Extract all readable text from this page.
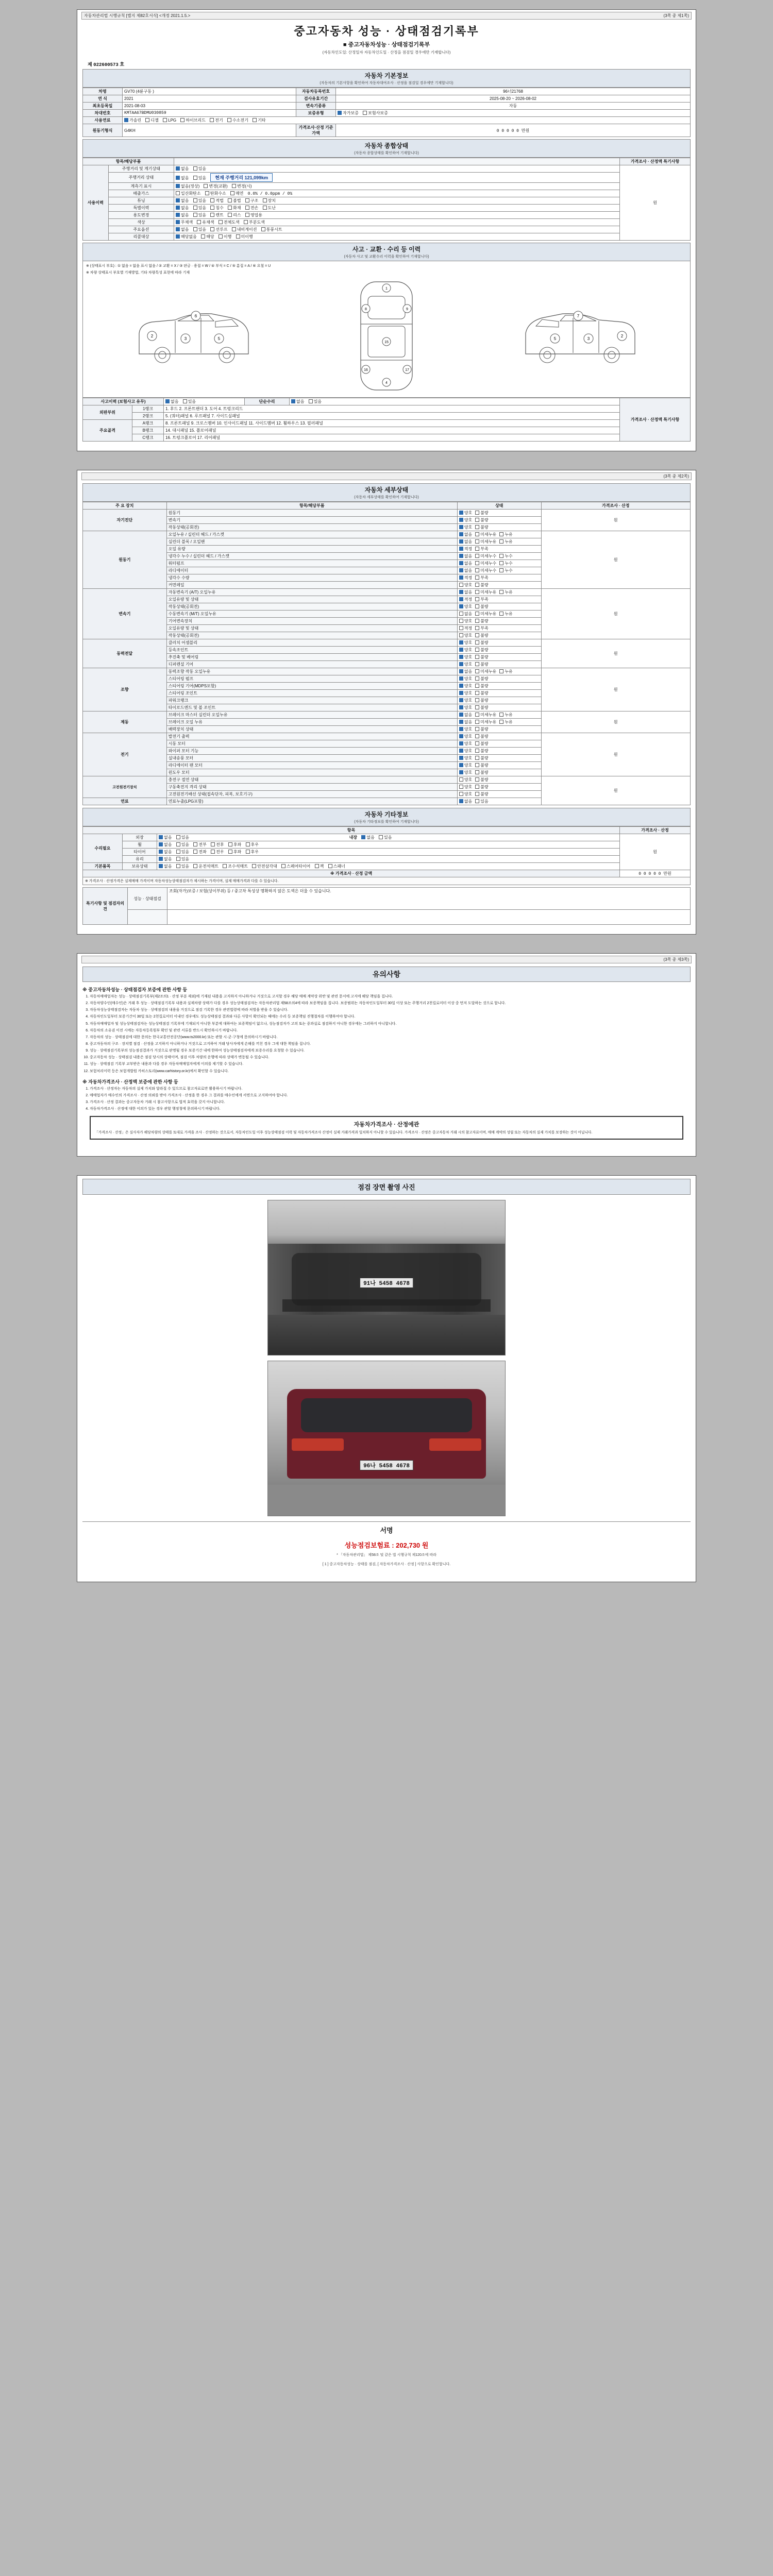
자동차관리법 시행규칙 [별지 제82호서식] <개정 2021.1.5.>	(3쪽 중 제1쪽)
중고자동차 성능 · 상태점검기록부
■ 중고자동차성능 · 상태점검기록부
(자동차인도일: 산정일자 자동차인도일 · 산정을 점검일 경우에만 기재합니다)
제 022600573 호
자동차 기본정보
(자동차의 기본사항을 확인하여 자동차대여조사 · 산정을 점검일 경우에만 기재합니다)
차명	GV70 (4륜구동 )	자동차등록번호	96너21768
연 식	2021	검사유효기간	2025-08-20 ~ 2026-08-02
최초등록일	2021-08-03	변속기종류	자동
차대번호	KMTAA67BDMU030859	보증유형	자가보증 보험사보증
사용연료	가솔린 디젤 LPG 하이브리드 전기 수소전기 기타		
원동기형식	G4KH	가격조사·산정 기준가액	0 0 0 0 0 만원
자동차 종합상태
(자동차 종합상태를 확인하여 기재합니다)
항목/해당부품			가격조사 · 산정액 특기사항
사용이력	주행거리 및 계기상태	없음 있음	원
	주행거리 상태	없음 있음 현재 주행거리 121,099km	
	계측기 표시	없음(정상) 변경(교환) 변경(시)	
	배출가스	일산화탄소 탄화수소 매연 0.0% / 0.0ppm / 0%	
	튜닝	없음 있음 적법 불법 구조 장치	
	특별이력	없음 있음 침수 화재 전손 도난	
	용도변경	없음 있음 렌트 리스 영업용	
	색상	무채색 유채색 전체도색 부분도색	
	주요옵션	없음 있음 선루프 내비게이션 통풍시트	
	리콜대상	해당없음 해당 이행 미이행	
사고 · 교환 · 수리 등 이력
(자동차 사고 및 교환수리 이력을 확인하여 기재합니다)
※ (상태표시 부호) : ① 없음 = 없음 표시 없음 / ② 교환 = X / ③ 판금 · 용접 = W / ④ 부식 = C / ⑤ 흠집 = A / ⑥ 요철 = U
※ 차량 상태표시 부호별 기재방법, 기타 차량특성 표현에 따라 기재
3	5
2
6
1
15
4
8	9
16	17
3
5
2
7
사고이력 (보험사고 유무)		없음 있음	단순수리	없음 있음	가격조사 · 산정액 특기사항
외판부위	1랭크	1. 후드 2. 프론트팬더 3. 도어 4. 트렁크리드			
	2랭크	5. (쿼터)패널 6. 루프패널 7. 사이드실패널			
주요골격	A랭크	8. 프론트패널 9. 크로스멤버 10. 인사이드패널 11. 사이드멤버 12. 휠하우스 13. 필러패널			
	B랭크	14. 대시패널 15. 플로어패널			
	C랭크	16. 트렁크플로어 17. 리어패널			

(3쪽 중 제2쪽)
자동차 세부상태
(자동차 세부상태를 확인하여 기재합니다)
주 요 장치	항목/해당부품	상태	가격조사 · 산정
자기진단	원동기	양호 불량	원
	변속기	양호 불량	
	작동상태(공회전)	양호 불량	
원동기	오일누유 / 실린더 헤드 / 가스켓	없음 미세누유 누유	원
	실린더 블록 / 오일팬	없음 미세누유 누유	
	오일 유량	적정 부족	
	냉각수 누수 / 실린더 헤드 / 가스켓	없음 미세누수 누수	
	워터펌프	없음 미세누수 누수	
	라디에이터	없음 미세누수 누수	
	냉각수 수량	적정 부족	
	커먼레일	양호 불량	
변속기	자동변속기 (A/T) 오일누유	없음 미세누유 누유	원
	오일유량 및 상태	적정 부족	
	작동상태(공회전)	양호 불량	
	수동변속기 (M/T) 오일누유	없음 미세누유 누유	
	기어변속장치	양호 불량	
	오일유량 및 상태	적정 부족	
	작동상태(공회전)	양호 불량	
동력전달	클러치 어셈블리	양호 불량	원
	등속조인트	양호 불량	
	추진축 및 베어링	양호 불량	
	디퍼렌셜 기어	양호 불량	
조향	동력조향 작동 오일누유	없음 미세누유 누유	원
	스티어링 펌프	양호 불량	
	스티어링 기어(MDPS포함)	양호 불량	
	스티어링 조인트	양호 불량	
	파워크랭크	양호 불량	
	타이로드엔드 및 볼 조인트	양호 불량	
제동	브레이크 마스터 실린더 오일누유	없음 미세누유 누유	원
	브레이크 오일 누유	없음 미세누유 누유	
	배력장치 상태	양호 불량	
전기	발전기 출력	양호 불량	원
	시동 모터	양호 불량	
	와이퍼 모터 기능	양호 불량	
	실내송풍 모터	양호 불량	
	라디에이터 팬 모터	양호 불량	
	윈도우 모터	양호 불량	
고전원전기장치	충전구 절연 상태	양호 불량	원
	구동축전지 격리 상태	양호 불량	
	고전원전기배선 상태(접속단자, 피복, 보호기구)	양호 불량	
연료	연료누출(LPG포함)	없음 있음	
자동차 기타정보
(자동차 기타정보를 확인하여 기재합니다)
항목			가격조사 · 산정
수리필요	외장	없음 있음 내장 없음 있음	원
	휠	없음 있음 전부 전후 후좌 후우	
	타이어	없음 있음 전좌 전우 후좌 후우	
	유리	없음 있음	
기본품목	보유상태	없음 있음 운전석매트 조수석매트 안전삼각대 스페어타이어 잭 스패너	
※ 가격조사 · 산정 금액			0 0 0 0 0 만원
※ 가격조사 · 산정가격은 실제매매 가격이며 자동차성능상태점검자가 제시하는 가격이며, 실제 매매가격과 다를 수 있습니다.
특기사항 및 점검자의견	성능 · 상태점검	조회(자가)보증 / 보험(상이부위) 등 / 중고차 특성상 명확하지 않은 도색은 더울 수 있습니다.

(3쪽 중 제3쪽)
유의사항
※ 중고자동차성능 · 상태점검자 보증에 관한 사항 등
1. 자동차매매업자는 성능 · 상태점검기록부(제2조의1 · 산정 부분 제외)에 기재된 내용을 고지하지 아니하거나 거짓으로 고지할 경우 해당 매매 계약상 위반 및 관련 문서에 고지에 해당 책임을 집니다.
2. 자동차양수인(매수인)은 거래 후 성능 · 상태점검기록부 내용과 실제차량 상태가 다를 경우 성능상태점검자는 자동차관리법 제58조의4에 따라 보증책임을 집니다. 보증범위는 자동차인도일부터 30일 이상 또는 주행거리 2천킬로미터 이상 중 먼저 도달하는 것으로 합니다.
3. 자동차성능상태점검자는 자동차 성능 · 상태점검의 내용을 거짓으로 점검 기록한 경우 관련법령에 따라 처벌을 받을 수 있습니다.
4. 자동차인도일부터 보증기간이 30일 또는 2천킬로미터 이내인 경우에도 성능상태점검 결과와 다른 사항이 확인되는 때에는 수리 등 보증책임 진행절차를 이행하여야 합니다.
5. 자동차매매업자 및 성능상태점검자는 성능상태점검 기록부에 기재되지 아니한 부분에 대하여는 보증책임이 없으나, 성능점검자가 고의 또는 중과실로 점검하지 아니한 경우에는 그러하지 아니합니다.
6. 자동차의 소유권 이전 시에는 자동차등록원부 확인 및 관련 서류를 반드시 확인하시기 바랍니다.
7. 자동차의 성능 · 상태점검에 대한 문의는 한국교통안전공단(www.ts2000.kr) 또는 관할 시·군·구청에 문의하시기 바랍니다.
8. 중고자동차의 구조 · 장치별 점검 · 산정을 고지하지 아니하거나 거짓으로 고지하여 거래 당사자에게 손해를 끼친 경우 그에 대한 책임을 집니다.
9. 성능 · 상태점검기록부의 성능점검결과가 거짓으로 판명될 경우 보증기간 내에 한하여 성능상태점검자에게 보증수리를 요청할 수 있습니다.
10. 중고자동차 성능 · 상태점검 내용은 점검 당시의 상태이며, 점검 이후 차량의 운행에 따라 상태가 변동될 수 있습니다.
11. 성능 · 상태점검 기록부 교부받은 내용과 다를 경우 자동차매매업자에게 이의를 제기할 수 있습니다.
12. 보험처리이력 등은 보험개발원 카히스토리(www.carhistory.or.kr)에서 확인할 수 있습니다.
※ 자동차가격조사 · 산정액 보증에 관한 사항 등
1. 가격조사 · 산정자는 자동차의 실제 가치와 달라질 수 있으므로 참고자료로만 활용하시기 바랍니다.
2. 매매업자가 매수인의 가격조사 · 산정 의뢰를 받아 가격조사 · 산정을 한 경우 그 결과를 매수인에게 서면으로 고지하여야 합니다.
3. 가격조사 · 산정 결과는 중고자동차 거래 시 참고사항으로 법적 효력을 갖지 아니합니다.
4. 자동차가격조사 · 산정에 대한 이의가 있는 경우 관할 행정청에 문의하시기 바랍니다.
자동차가격조사 · 산정에관

「가격조사 · 산정」은 실사자가 해당차량의 상태를 토대로 가격을 조사 · 산정하는 것으로서, 자동차인도일 이후 성능상태점검 이력 및 자동차가격조사 산정이 실제 거래가격과 일치하지 아니할 수 있습니다. 가격조사 · 산정은 중고자동차 거래 시의 참고자료이며, 매매 계약의 성립 또는 자동차의 실제 가치를 보장하는 것이 아닙니다.

점검 장면 촬영 사진
91나 5458 4678
96나 5458 4678
서명
성능점검보험료 : 202,730 원
* 「자동차관리법」 제58조 및 같은 법 시행규칙 제120조에 따라
[ 1 ] 중고자동차성능 · 상태를 점검, [ 자동차가격조사 · 산정 ] 사항으로 확인합니다.
